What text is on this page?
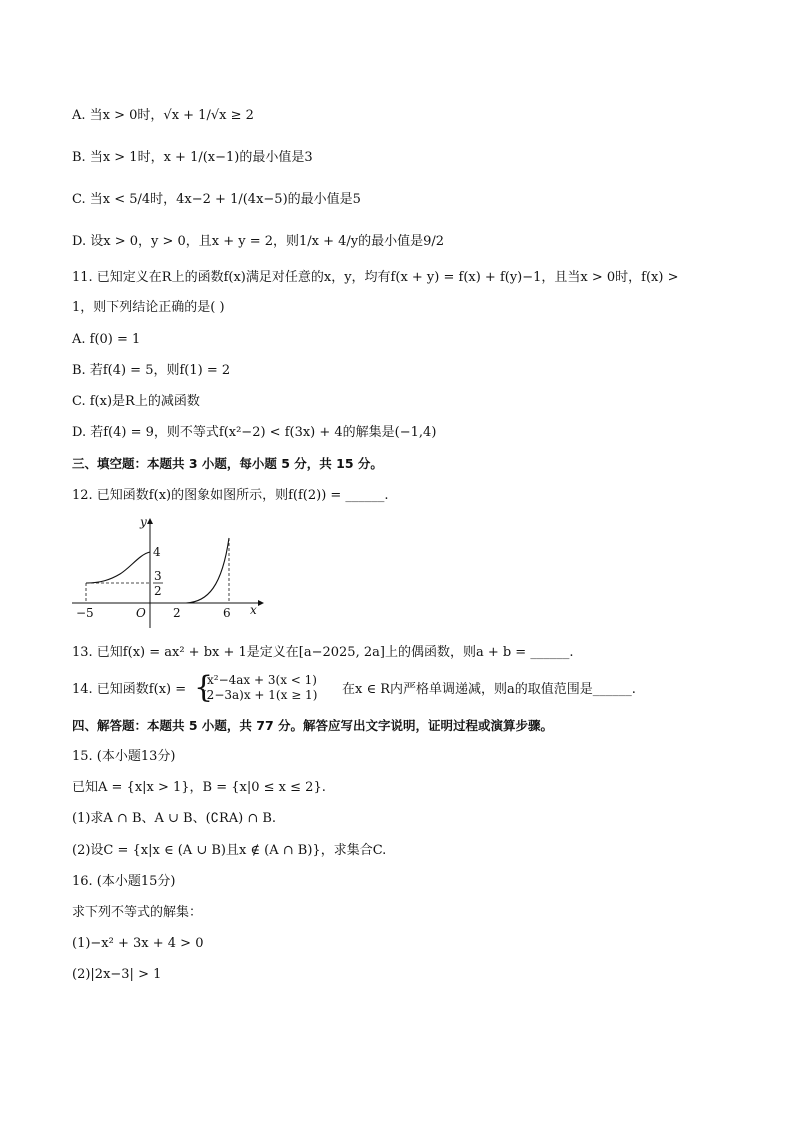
A. 当x > 0时，√x + 1/√x ≥ 2
B. 当x > 1时，x + 1/(x−1)的最小值是3
C. 当x < 5/4时，4x−2 + 1/(4x−5)的最小值是5
D. 设x > 0，y > 0，且x + y = 2，则1/x + 4/y的最小值是9/2
11. 已知定义在R上的函数f(x)满足对任意的x，y，均有f(x + y) = f(x) + f(y)−1，且当x > 0时，f(x) >
1，则下列结论正确的是( )
A. f(0) = 1
B. 若f(4) = 5，则f(1) = 2
C. f(x)是R上的减函数
D. 若f(4) = 9，则不等式f(x²−2) < f(3x) + 4的解集是(−1,4)
三、填空题：本题共 3 小题，每小题 5 分，共 15 分。
12. 已知函数f(x)的图象如图所示，则f(f(2)) = ______.
y
x
O
−5	2	6
4
3
2
13. 已知f(x) = ax² + bx + 1是定义在[a−2025, 2a]上的偶函数，则a + b = ______.
14. 已知函数f(x) = {
x²−4ax + 3(x < 1)
(2−3a)x + 1(x ≥ 1) 在x ∈ R内严格单调递减，则a的取值范围是______.
四、解答题：本题共 5 小题，共 77 分。解答应写出文字说明，证明过程或演算步骤。
15. (本小题13分)
已知A = {x|x > 1}，B = {x|0 ≤ x ≤ 2}.
(1)求A ∩ B、A ∪ B、(∁RA) ∩ B.
(2)设C = {x|x ∈ (A ∪ B)且x ∉ (A ∩ B)}，求集合C.
16. (本小题15分)
求下列不等式的解集：
(1)−x² + 3x + 4 > 0
(2)|2x−3| > 1
